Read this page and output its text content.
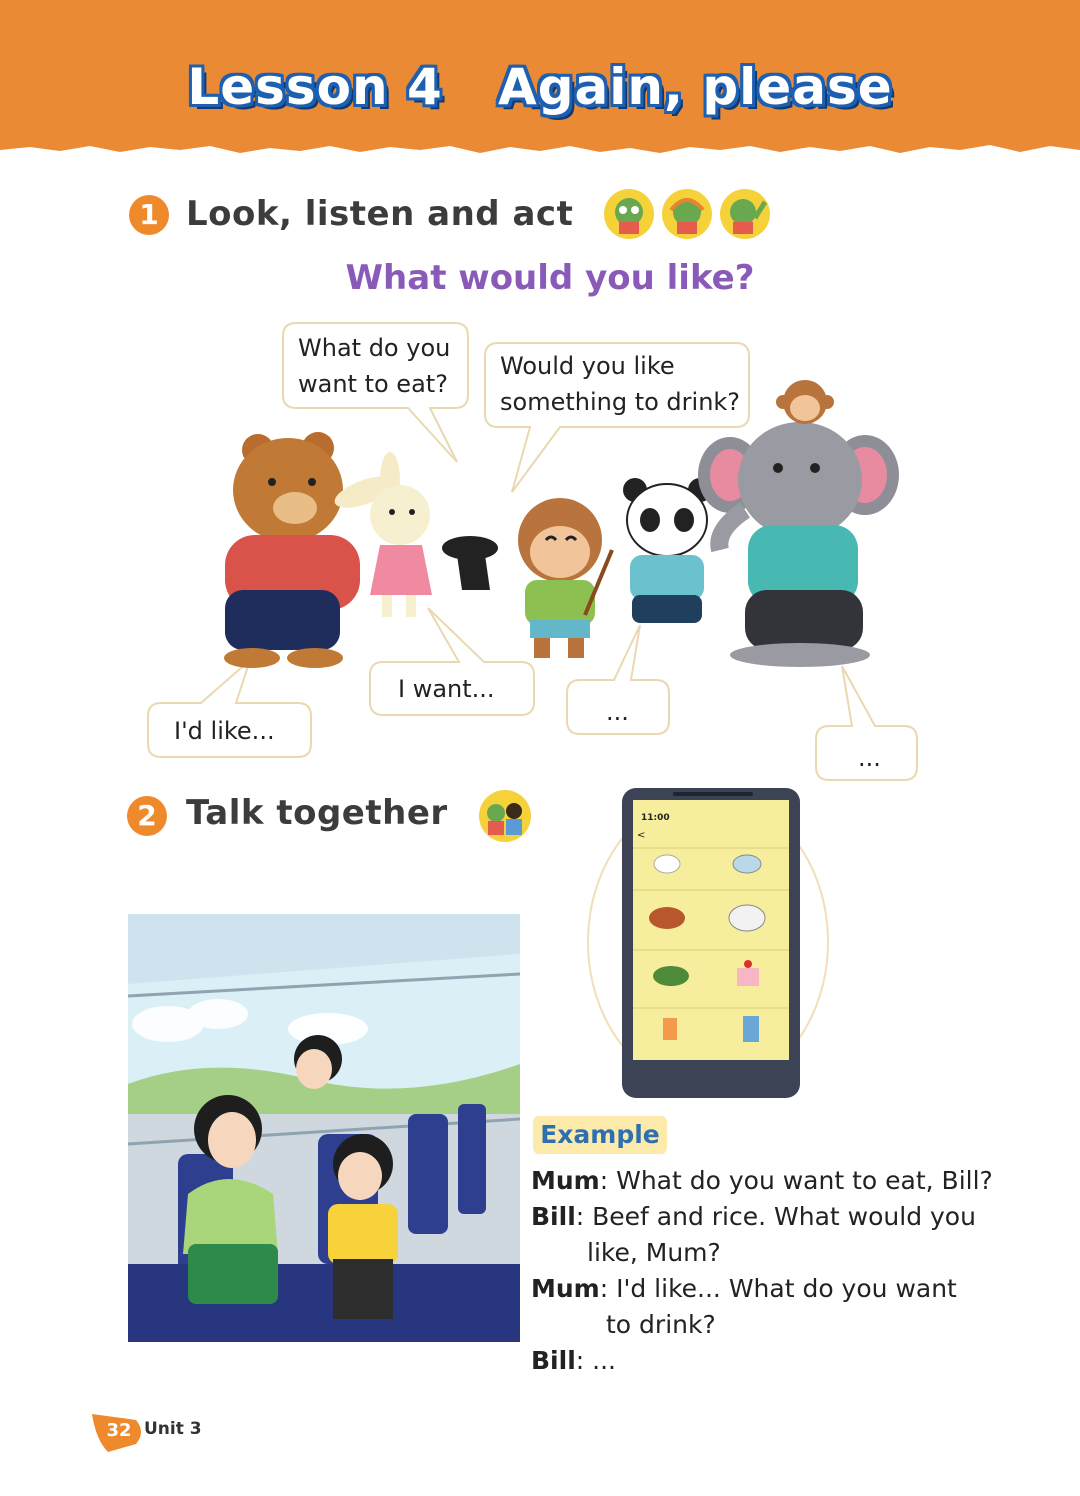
Lesson 4   Again, please
1 Look, listen and act
What would you like?
What do you
want to eat?
Would you like
something to drink?
I'd like...
I want...
...
...
2 Talk together	11:00
<
Example
Mum: What do you want to eat, Bill?
Bill: Beef and rice. What would you
like, Mum?
Mum: I'd like... What do you want
to drink?
Bill: ...
32 Unit 3
